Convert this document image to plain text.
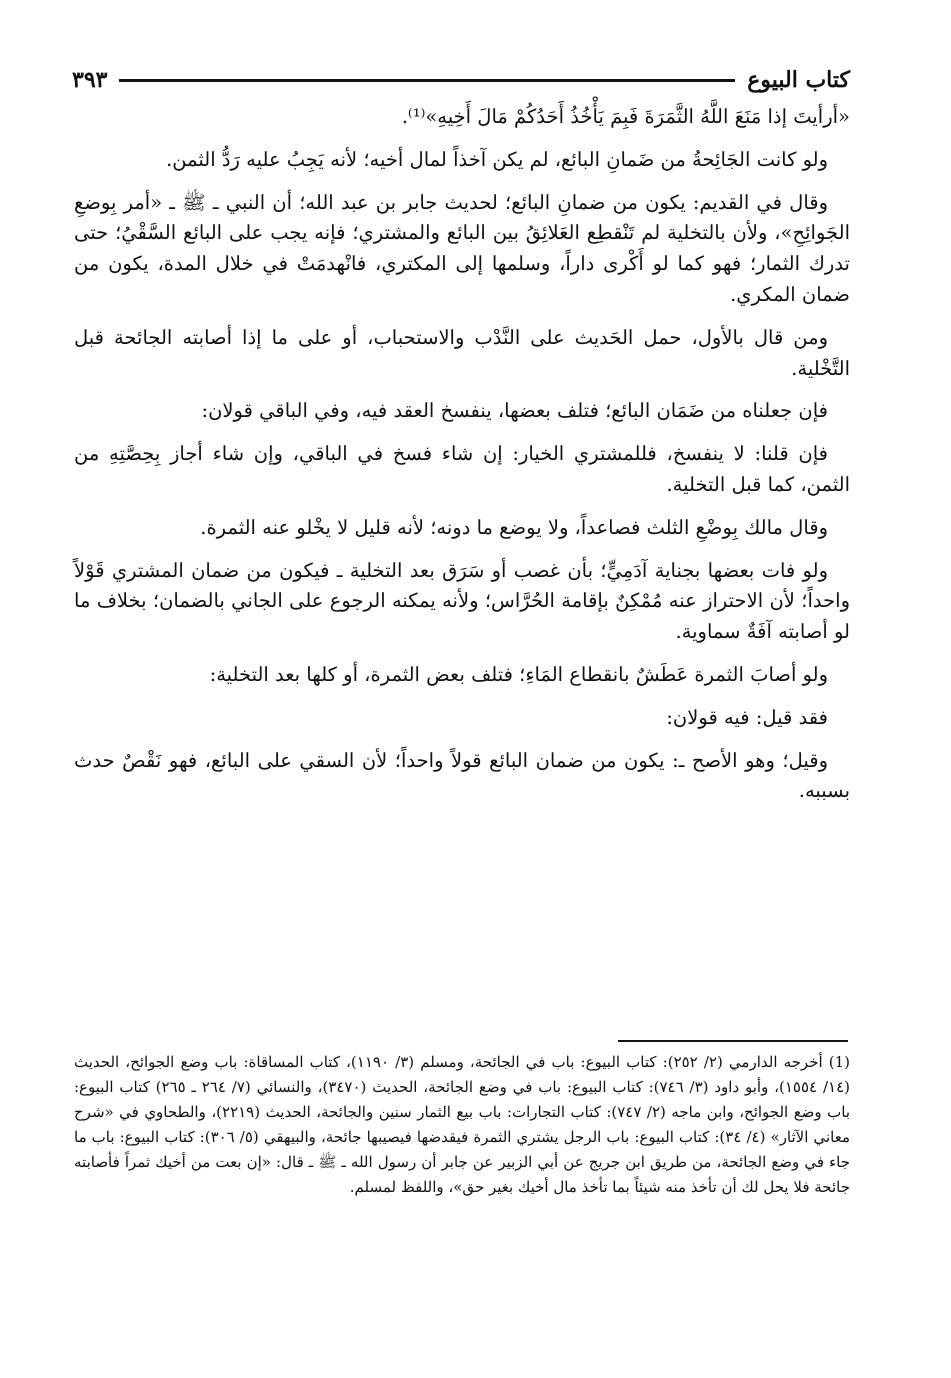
كتاب البيوع
٣٩٣

«أرأيتَ إذا مَنَعَ اللَّهُ الثَّمَرَةَ فَبِمَ يَأْخُذُ أَحَدُكُمْ مَالَ أَخِيهِ»⁽¹⁾.

ولو كانت الجَائِحةُ من ضَمانِ البائع، لم يكن آخذاً لمال أخيه؛ لأنه يَجِبُ عليه رَدُّ الثمن.

وقال في القديم: يكون من ضمانِ البائع؛ لحديث جابر بن عبد الله؛ أن النبي ـ ﷺ ـ «أمر بِوضعِ الجَوائِحِ»، ولأن بالتخلية لم تَنْقطِع العَلائِقُ بين البائع والمشتري؛ فإنه يجب على البائع السَّقْيُ؛ حتى تدرك الثمار؛ فهو كما لو أَكْرى داراً، وسلمها إلى المكتري، فانْهدمَتْ في خلال المدة، يكون من ضمان المكري.

ومن قال بالأول، حمل الحَديث على النَّدْب والاستحباب، أو على ما إذا أصابته الجائحة قبل التَّخْلية.

فإن جعلناه من ضَمَان البائع؛ فتلف بعضها، ينفسخ العقد فيه، وفي الباقي قولان:

فإن قلنا: لا ينفسخ، فللمشتري الخيار: إن شاء فسخ في الباقي، وإن شاء أجاز بِحِصَّتِهِ من الثمن، كما قبل التخلية.

وقال مالك بِوضْعِ الثلث فصاعداً، ولا يوضع ما دونه؛ لأنه قليل لا يخْلو عنه الثمرة.

ولو فات بعضها بجناية آدَمِيٍّ؛ بأن غصب أو سَرَق بعد التخلية ـ فيكون من ضمان المشتري قَوْلاً واحداً؛ لأن الاحتراز عنه مُمْكِنٌ بإقامة الحُرَّاس؛ ولأنه يمكنه الرجوع على الجاني بالضمان؛ بخلاف ما لو أصابته آفَةٌ سماوية.

ولو أصابَ الثمرة عَطَشٌ بانقطاع المَاءِ؛ فتلف بعض الثمرة، أو كلها بعد التخلية:

فقد قيل: فيه قولان:

وقيل؛ وهو الأصح ـ: يكون من ضمان البائع قولاً واحداً؛ لأن السقي على البائع، فهو نَقْصٌ حدث بسببه.

(1) أخرجه الدارمي (٢/ ٢٥٢): كتاب البيوع: باب في الجائحة، ومسلم (٣/ ١١٩٠)، كتاب المساقاة: باب وضع الجوائح، الحديث (١٤/ ١٥٥٤)، وأبو داود (٣/ ٧٤٦): كتاب البيوع: باب في وضع الجائحة، الحديث (٣٤٧٠)، والنسائي (٧/ ٢٦٤ ـ ٢٦٥) كتاب البيوع: باب وضع الجوائح، وابن ماجه (٢/ ٧٤٧): كتاب التجارات: باب بيع الثمار سنين والجائحة، الحديث (٢٢١٩)، والطحاوي في «شرح معاني الآثار» (٤/ ٣٤): كتاب البيوع: باب الرجل يشتري الثمرة فيقدضها فيصيبها جائحة، والبيهقي (٥/ ٣٠٦): كتاب البيوع: باب ما جاء في وضع الجائحة، من طريق ابن جريج عن أبي الزبير عن جابر أن رسول الله ـ ﷺ ـ قال: «إن بعت من أخيك ثمراً فأصابته جائحة فلا يحل لك أن تأخذ منه شيئاً بما تأخذ مال أخيك بغير حق»، واللفظ لمسلم.
